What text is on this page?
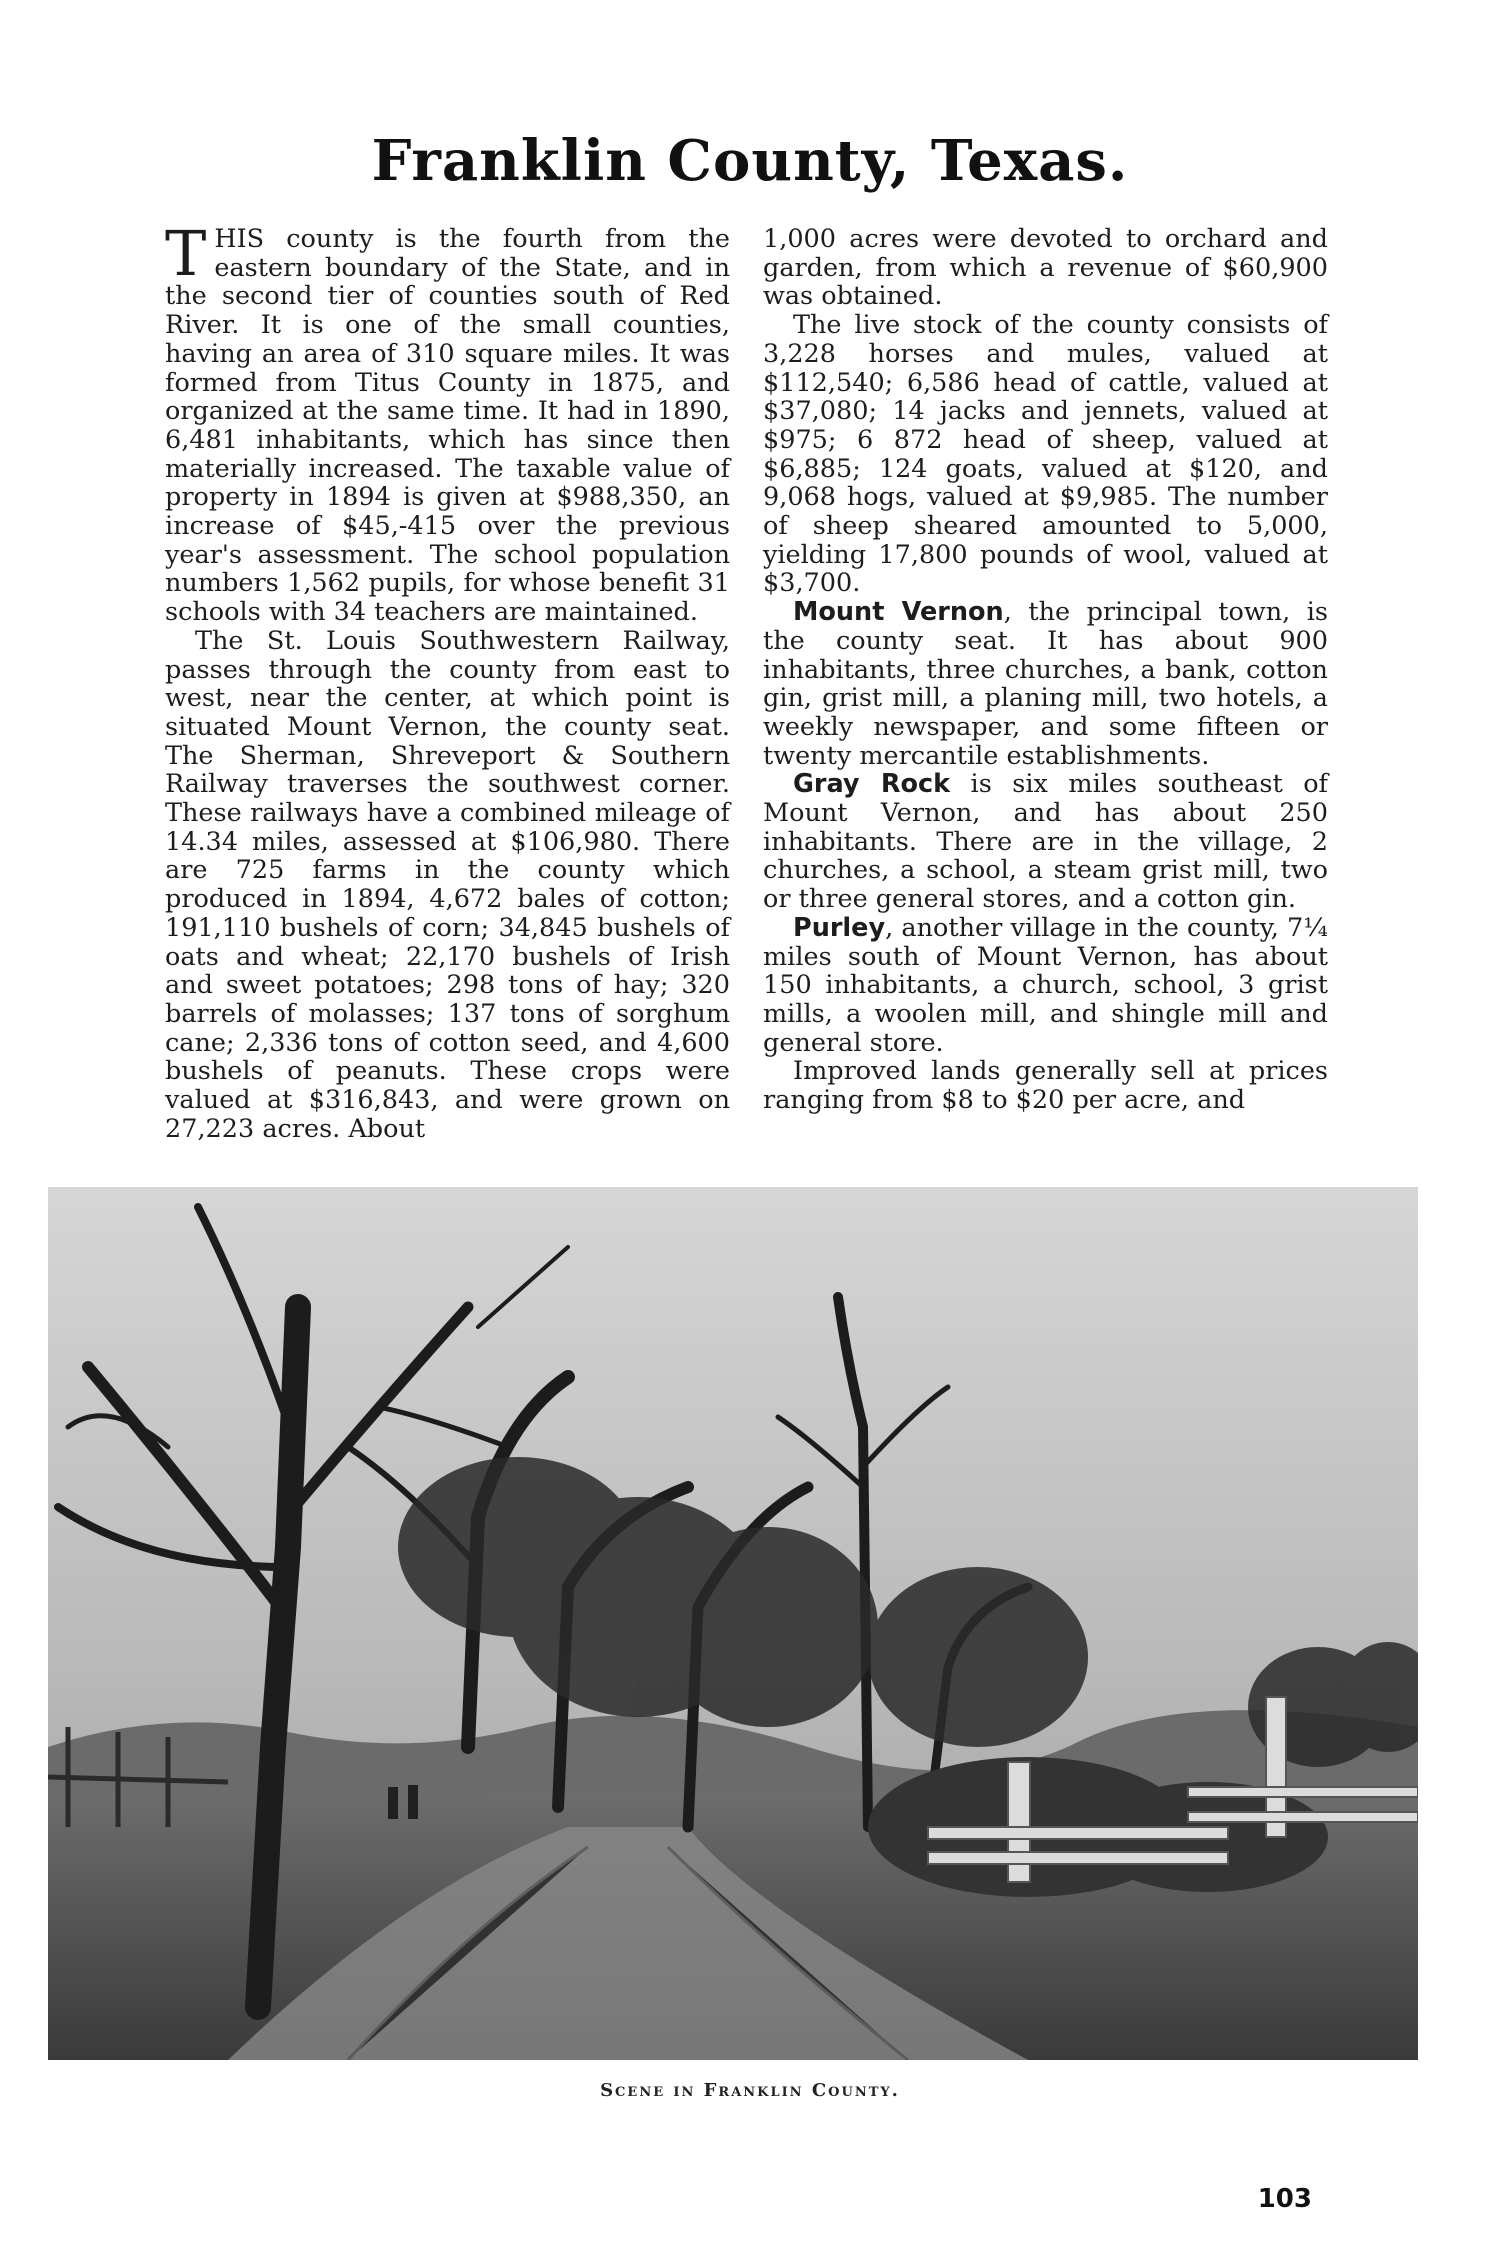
Franklin County, Texas.

THIS county is the fourth from the eastern boundary of the State, and in the second tier of counties south of Red River. It is one of the small counties, having an area of 310 square miles. It was formed from Titus County in 1875, and organized at the same time. It had in 1890, 6,481 inhabitants, which has since then materially increased. The taxable value of property in 1894 is given at $988,350, an increase of $45,-415 over the previous year's assessment. The school population numbers 1,562 pupils, for whose benefit 31 schools with 34 teachers are maintained.

The St. Louis Southwestern Railway, passes through the county from east to west, near the center, at which point is situated Mount Vernon, the county seat. The Sherman, Shreveport & Southern Railway traverses the southwest corner. These railways have a combined mileage of 14.34 miles, assessed at $106,980. There are 725 farms in the county which produced in 1894, 4,672 bales of cotton; 191,110 bushels of corn; 34,845 bushels of oats and wheat; 22,170 bushels of Irish and sweet potatoes; 298 tons of hay; 320 barrels of molasses; 137 tons of sorghum cane; 2,336 tons of cotton seed, and 4,600 bushels of peanuts. These crops were valued at $316,843, and were grown on 27,223 acres. About

1,000 acres were devoted to orchard and garden, from which a revenue of $60,900 was obtained.

The live stock of the county consists of 3,228 horses and mules, valued at $112,540; 6,586 head of cattle, valued at $37,080; 14 jacks and jennets, valued at $975; 6 872 head of sheep, valued at $6,885; 124 goats, valued at $120, and 9,068 hogs, valued at $9,985. The number of sheep sheared amounted to 5,000, yielding 17,800 pounds of wool, valued at $3,700.

Mount Vernon, the principal town, is the county seat. It has about 900 inhabitants, three churches, a bank, cotton gin, grist mill, a planing mill, two hotels, a weekly newspaper, and some fifteen or twenty mercantile establishments.

Gray Rock is six miles southeast of Mount Vernon, and has about 250 inhabitants. There are in the village, 2 churches, a school, a steam grist mill, two or three general stores, and a cotton gin.

Purley, another village in the county, 7¼ miles south of Mount Vernon, has about 150 inhabitants, a church, school, 3 grist mills, a woolen mill, and shingle mill and general store.

Improved lands generally sell at prices ranging from $8 to $20 per acre, and

Scene in Franklin County.
103
